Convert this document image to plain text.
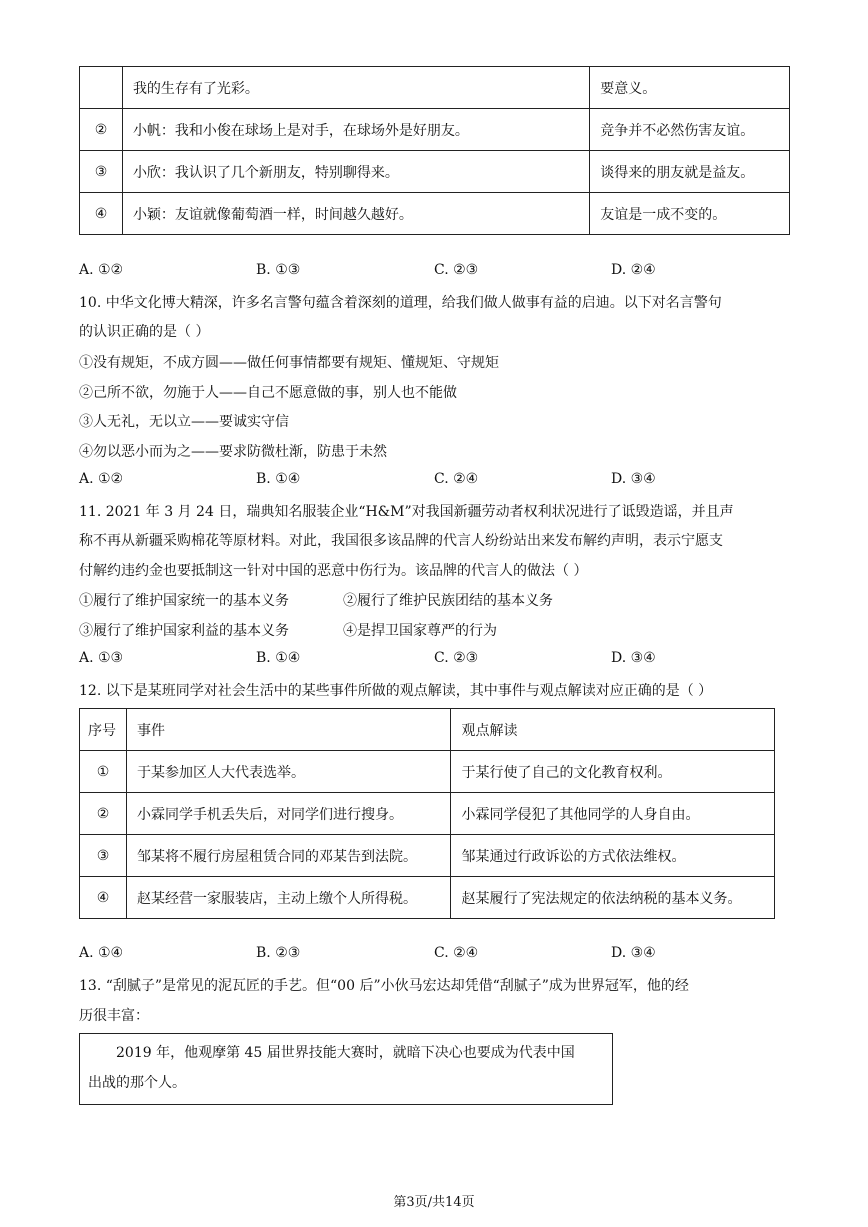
	我的生存有了光彩。	要意义。
②	小帆：我和小俊在球场上是对手，在球场外是好朋友。	竞争并不必然伤害友谊。
③	小欣：我认识了几个新朋友，特别聊得来。	谈得来的朋友就是益友。
④	小颖：友谊就像葡萄酒一样，时间越久越好。	友谊是一成不变的。
A. ①②	B. ①③	C. ②③	D. ②④
10. 中华文化博大精深，许多名言警句蕴含着深刻的道理，给我们做人做事有益的启迪。以下对名言警句
的认识正确的是（ ）
①没有规矩，不成方圆——做任何事情都要有规矩、懂规矩、守规矩
②己所不欲，勿施于人——自己不愿意做的事，别人也不能做
③人无礼，无以立——要诚实守信
④勿以恶小而为之——要求防微杜渐，防患于未然
A. ①②	B. ①④	C. ②④	D. ③④
11. 2021 年 3 月 24 日，瑞典知名服装企业“H&M”对我国新疆劳动者权利状况进行了诋毁造谣，并且声
称不再从新疆采购棉花等原材料。对此，我国很多该品牌的代言人纷纷站出来发布解约声明，表示宁愿支
付解约违约金也要抵制这一针对中国的恶意中伤行为。该品牌的代言人的做法（ ）
①履行了维护国家统一的基本义务	②履行了维护民族团结的基本义务
③履行了维护国家利益的基本义务	④是捍卫国家尊严的行为
A. ①③	B. ①④	C. ②③	D. ③④
12. 以下是某班同学对社会生活中的某些事件所做的观点解读，其中事件与观点解读对应正确的是（ ）
序号	事件	观点解读
①	于某参加区人大代表选举。	于某行使了自己的文化教育权利。
②	小霖同学手机丢失后，对同学们进行搜身。	小霖同学侵犯了其他同学的人身自由。
③	邹某将不履行房屋租赁合同的邓某告到法院。	邹某通过行政诉讼的方式依法维权。
④	赵某经营一家服装店，主动上缴个人所得税。	赵某履行了宪法规定的依法纳税的基本义务。
A. ①④	B. ②③	C. ②④	D. ③④
13. “刮腻子”是常见的泥瓦匠的手艺。但“00 后”小伙马宏达却凭借“刮腻子”成为世界冠军，他的经
历很丰富：
2019 年，他观摩第 45 届世界技能大赛时，就暗下决心也要成为代表中国
出战的那个人。
第3页/共14页
